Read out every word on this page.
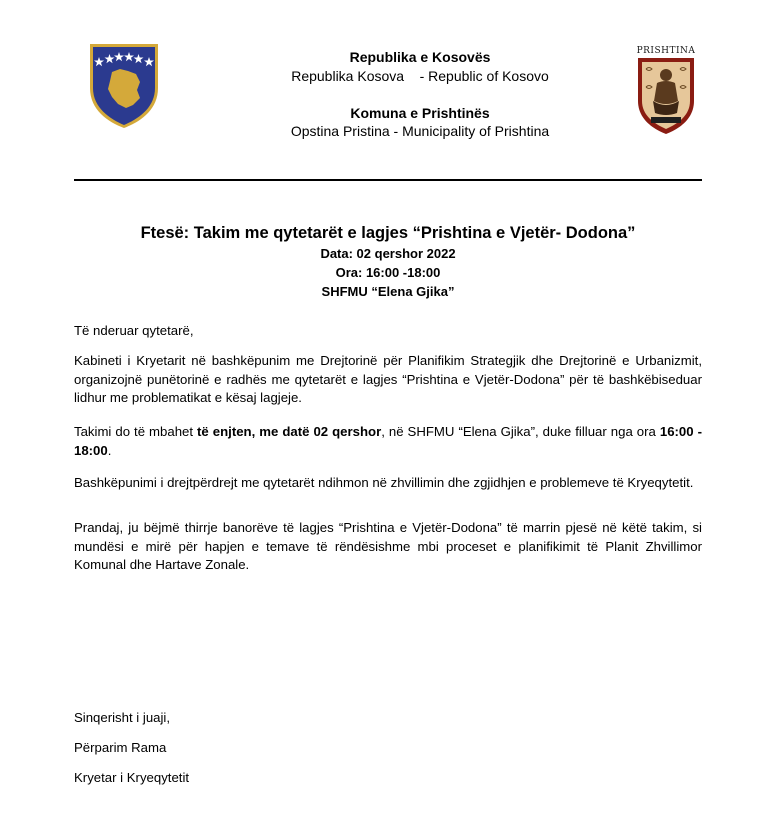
Republika e Kosovës
Republika Kosova    - Republic of Kosovo
Komuna e Prishtinës
Opstina Pristina - Municipality of Prishtina
PRISHTINA
Ftesë: Takim me qytetarët e lagjes “Prishtina e Vjetër- Dodona”
Data: 02 qershor 2022
Ora: 16:00 -18:00
SHFMU “Elena Gjika”
Të nderuar qytetarë,
Kabineti i Kryetarit në bashkëpunim me Drejtorinë për Planifikim Strategjik dhe Drejtorinë e Urbanizmit, organizojnë punëtorinë e radhës me qytetarët e lagjes “Prishtina e Vjetër-Dodona” për të bashkëbiseduar lidhur me problematikat e kësaj lagjeje.
Takimi do të mbahet të enjten, me datë 02 qershor, në SHFMU “Elena Gjika”, duke filluar nga ora 16:00 - 18:00.
Bashkëpunimi i drejtpërdrejt me qytetarët ndihmon në zhvillimin dhe zgjidhjen e problemeve të Kryeqytetit.
Prandaj, ju bëjmë thirrje banorëve të lagjes “Prishtina e Vjetër-Dodona” të marrin pjesë në këtë takim, si mundësi e mirë për hapjen e temave të rëndësishme mbi proceset e planifikimit të Planit Zhvillimor Komunal dhe Hartave Zonale.
Sinqerisht i juaji,
Përparim Rama
Kryetar i Kryeqytetit
